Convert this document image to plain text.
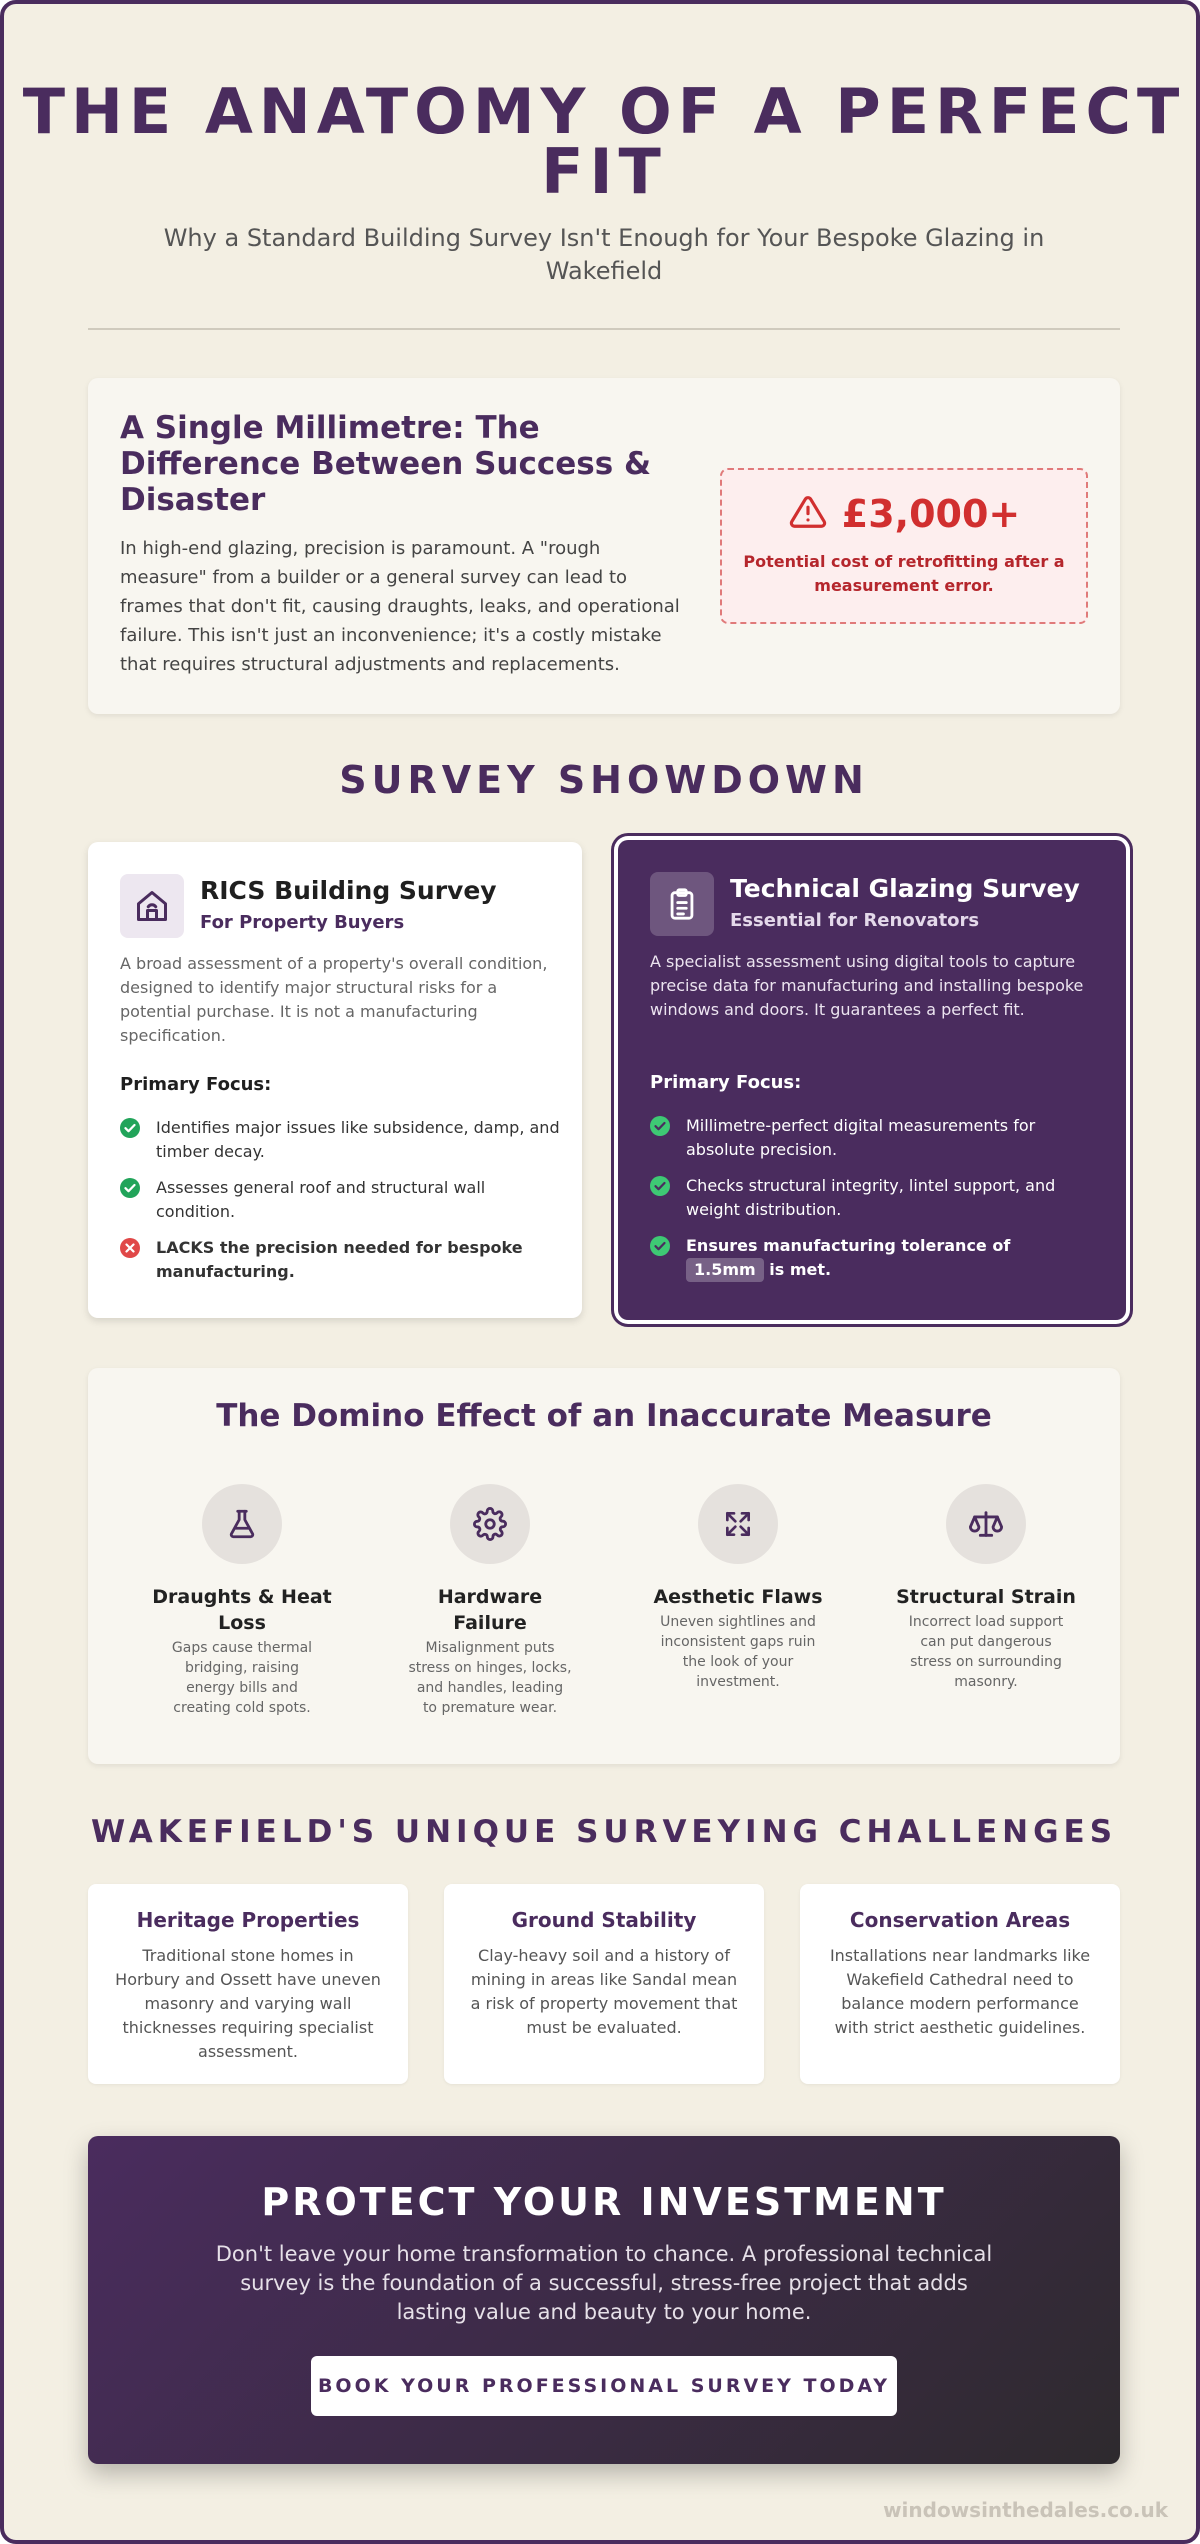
THE ANATOMY OF A PERFECT FIT
Why a Standard Building Survey Isn't Enough for Your Bespoke Glazing in Wakefield
A Single Millimetre: The Difference Between Success & Disaster

In high-end glazing, precision is paramount. A "rough measure" from a builder or a general survey can lead to frames that don't fit, causing draughts, leaks, and operational failure. This isn't just an inconvenience; it's a costly mistake that requires structural adjustments and replacements.

£3,000+
Potential cost of retrofitting after a measurement error.
SURVEY SHOWDOWN
RICS Building Survey
For Property Buyers
A broad assessment of a property's overall condition, designed to identify major structural risks for a potential purchase. It is not a manufacturing specification.
Primary Focus:
Identifies major issues like subsidence, damp, and timber decay.
Assesses general roof and structural wall condition.
LACKS the precision needed for bespoke manufacturing.
Technical Glazing Survey
Essential for Renovators
A specialist assessment using digital tools to capture precise data for manufacturing and installing bespoke windows and doors. It guarantees a perfect fit.
Primary Focus:
Millimetre-perfect digital measurements for absolute precision.
Checks structural integrity, lintel support, and weight distribution.
Ensures manufacturing tolerance of
1.5mm is met.
The Domino Effect of an Inaccurate Measure
Draughts & Heat Loss
Gaps cause thermal bridging, raising energy bills and creating cold spots.
Hardware Failure
Misalignment puts stress on hinges, locks, and handles, leading to premature wear.
Aesthetic Flaws
Uneven sightlines and inconsistent gaps ruin the look of your investment.
Structural Strain
Incorrect load support can put dangerous stress on surrounding masonry.
WAKEFIELD'S UNIQUE SURVEYING CHALLENGES
Heritage Properties

Traditional stone homes in Horbury and Ossett have uneven masonry and varying wall thicknesses requiring specialist assessment.

Ground Stability

Clay-heavy soil and a history of mining in areas like Sandal mean a risk of property movement that must be evaluated.

Conservation Areas

Installations near landmarks like Wakefield Cathedral need to balance modern performance with strict aesthetic guidelines.

PROTECT YOUR INVESTMENT

Don't leave your home transformation to chance. A professional technical survey is the foundation of a successful, stress-free project that adds lasting value and beauty to your home.

BOOK YOUR PROFESSIONAL SURVEY TODAY
windowsinthedales.co.uk
